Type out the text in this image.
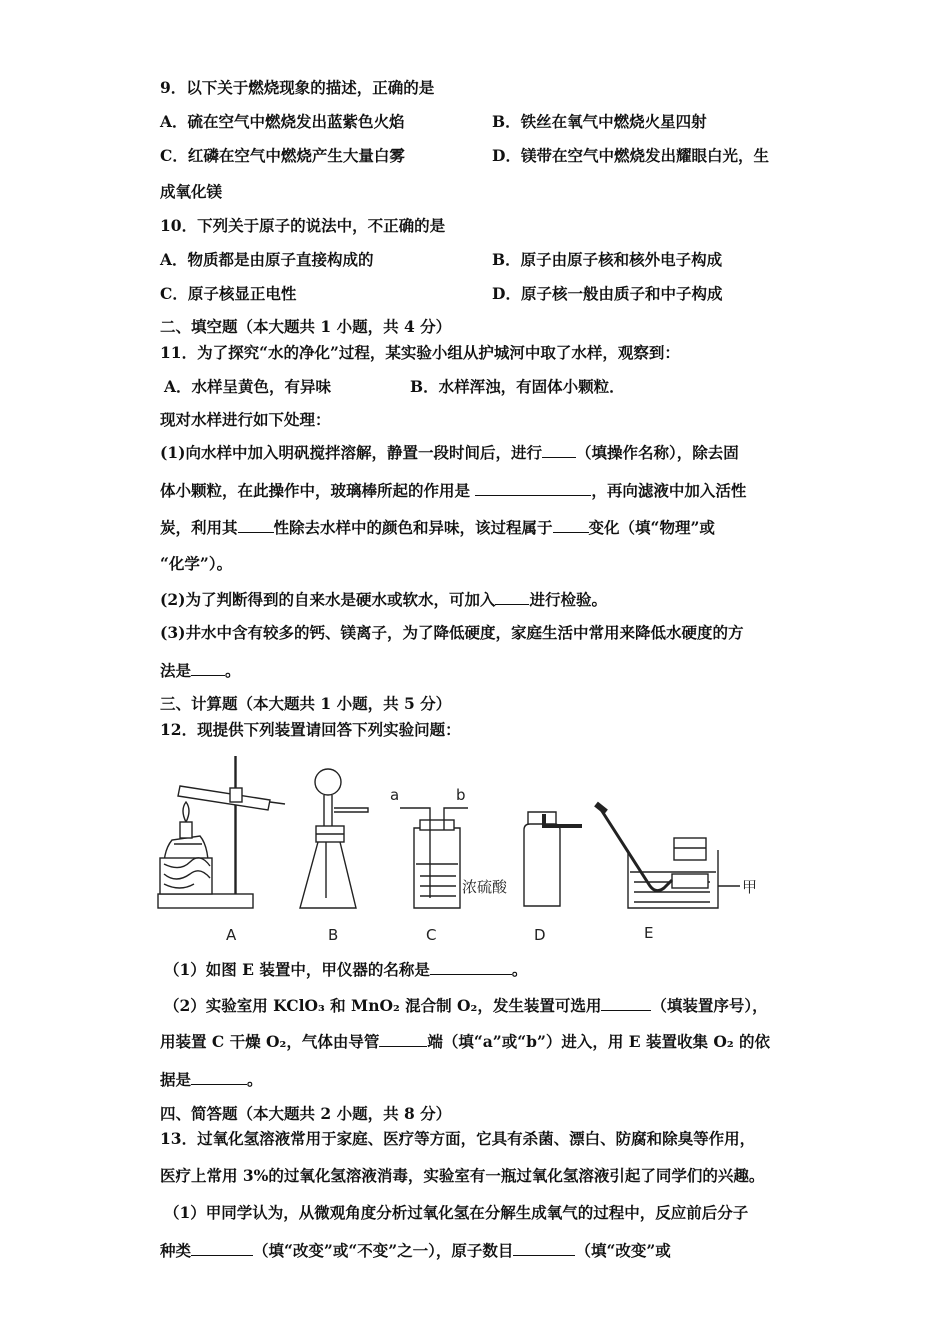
9．以下关于燃烧现象的描述，正确的是
A．硫在空气中燃烧发出蓝紫色火焰	B．铁丝在氧气中燃烧火星四射
C．红磷在空气中燃烧产生大量白雾	D．镁带在空气中燃烧发出耀眼白光，生
成氧化镁
10．下列关于原子的说法中，不正确的是
A．物质都是由原子直接构成的	B．原子由原子核和核外电子构成
C．原子核显正电性	D．原子核一般由质子和中子构成
二、填空题（本大题共 1 小题，共 4 分）
11．为了探究“水的净化”过程，某实验小组从护城河中取了水样，观察到：
A．水样呈黄色，有异味	B．水样浑浊，有固体小颗粒．
现对水样进行如下处理：
(1)向水样中加入明矾搅拌溶解，静置一段时间后，进行 （填操作名称），除去固
体小颗粒，在此操作中，玻璃棒所起的作用是	，再向滤液中加入活性
炭，利用其 性除去水样中的颜色和异味，该过程属于 变化（填“物理”或
“化学”）。
(2)为了判断得到的自来水是硬水或软水，可加入 进行检验。
(3)井水中含有较多的钙、镁离子，为了降低硬度，家庭生活中常用来降低水硬度的方
法是 。
三、计算题（本大题共 1 小题，共 5 分）
12．现提供下列装置请回答下列实验问题：
A	B	C	D	E
a	b
浓硫酸	甲
（1）如图 E 装置中，甲仪器的名称是	。
（2）实验室用 KClO₃ 和 MnO₂ 混合制 O₂，发生装置可选用	（填装置序号），
用装置 C 干燥 O₂，气体由导管	端（填“a”或“b”）进入，用 E 装置收集 O₂ 的依
据是	。
四、简答题（本大题共 2 小题，共 8 分）
13．过氧化氢溶液常用于家庭、医疗等方面，它具有杀菌、漂白、防腐和除臭等作用，
医疗上常用 3%的过氧化氢溶液消毒，实验室有一瓶过氧化氢溶液引起了同学们的兴趣。
（1）甲同学认为，从微观角度分析过氧化氢在分解生成氧气的过程中，反应前后分子
种类	（填“改变”或“不变”之一），原子数目	（填“改变”或
